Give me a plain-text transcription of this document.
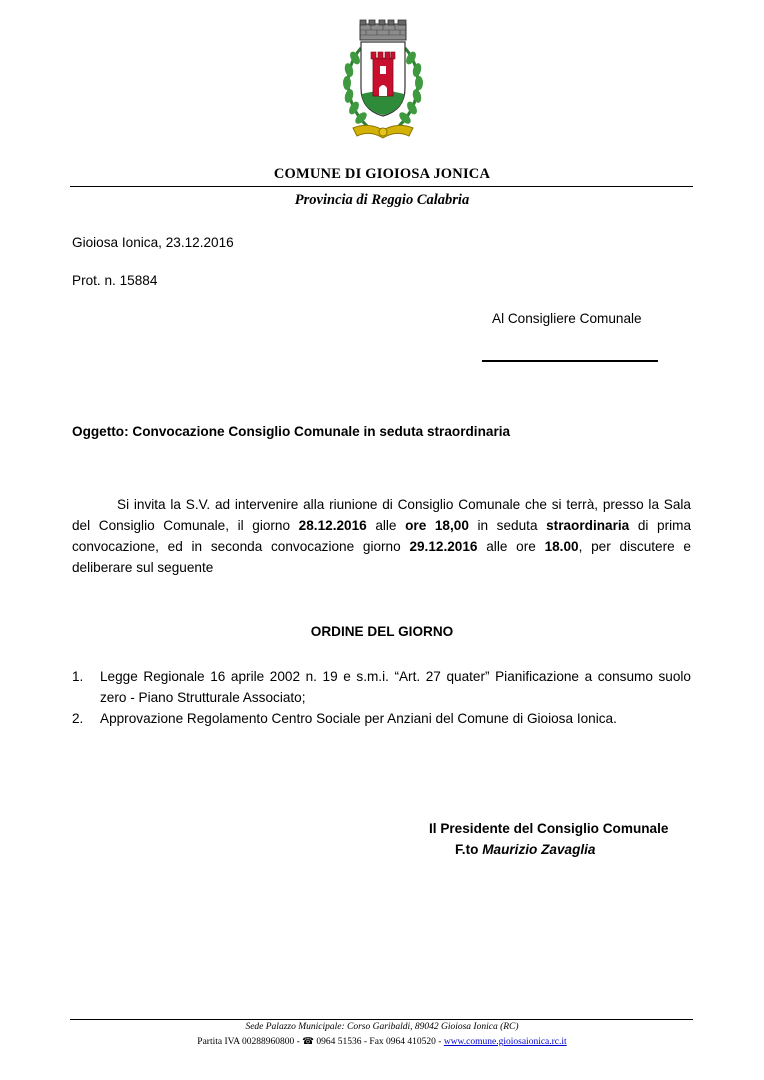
COMUNE DI GIOIOSA JONICA
Provincia di Reggio Calabria
Gioiosa Ionica, 23.12.2016
Prot. n. 15884
Al Consigliere Comunale
Oggetto: Convocazione Consiglio Comunale in seduta straordinaria
Si invita la S.V. ad intervenire alla riunione di Consiglio Comunale che si terrà, presso la Sala
del Consiglio Comunale, il giorno 28.12.2016 alle ore 18,00 in seduta straordinaria di prima
convocazione, ed in seconda convocazione giorno 29.12.2016 alle ore 18.00, per discutere e
deliberare sul seguente
ORDINE DEL GIORNO
1. Legge Regionale 16 aprile 2002 n. 19 e s.m.i. “Art. 27 quater” Pianificazione a consumo suolo
zero - Piano Strutturale Associato;
2. Approvazione Regolamento Centro Sociale per Anziani del Comune di Gioiosa Ionica.
Il Presidente del Consiglio Comunale
F.to Maurizio Zavaglia
Sede Palazzo Municipale: Corso Garibaldi, 89042 Gioiosa Ionica (RC)
Partita IVA 00288960800 - ☎ 0964 51536 - Fax 0964 410520 - www.comune.gioiosaionica.rc.it
